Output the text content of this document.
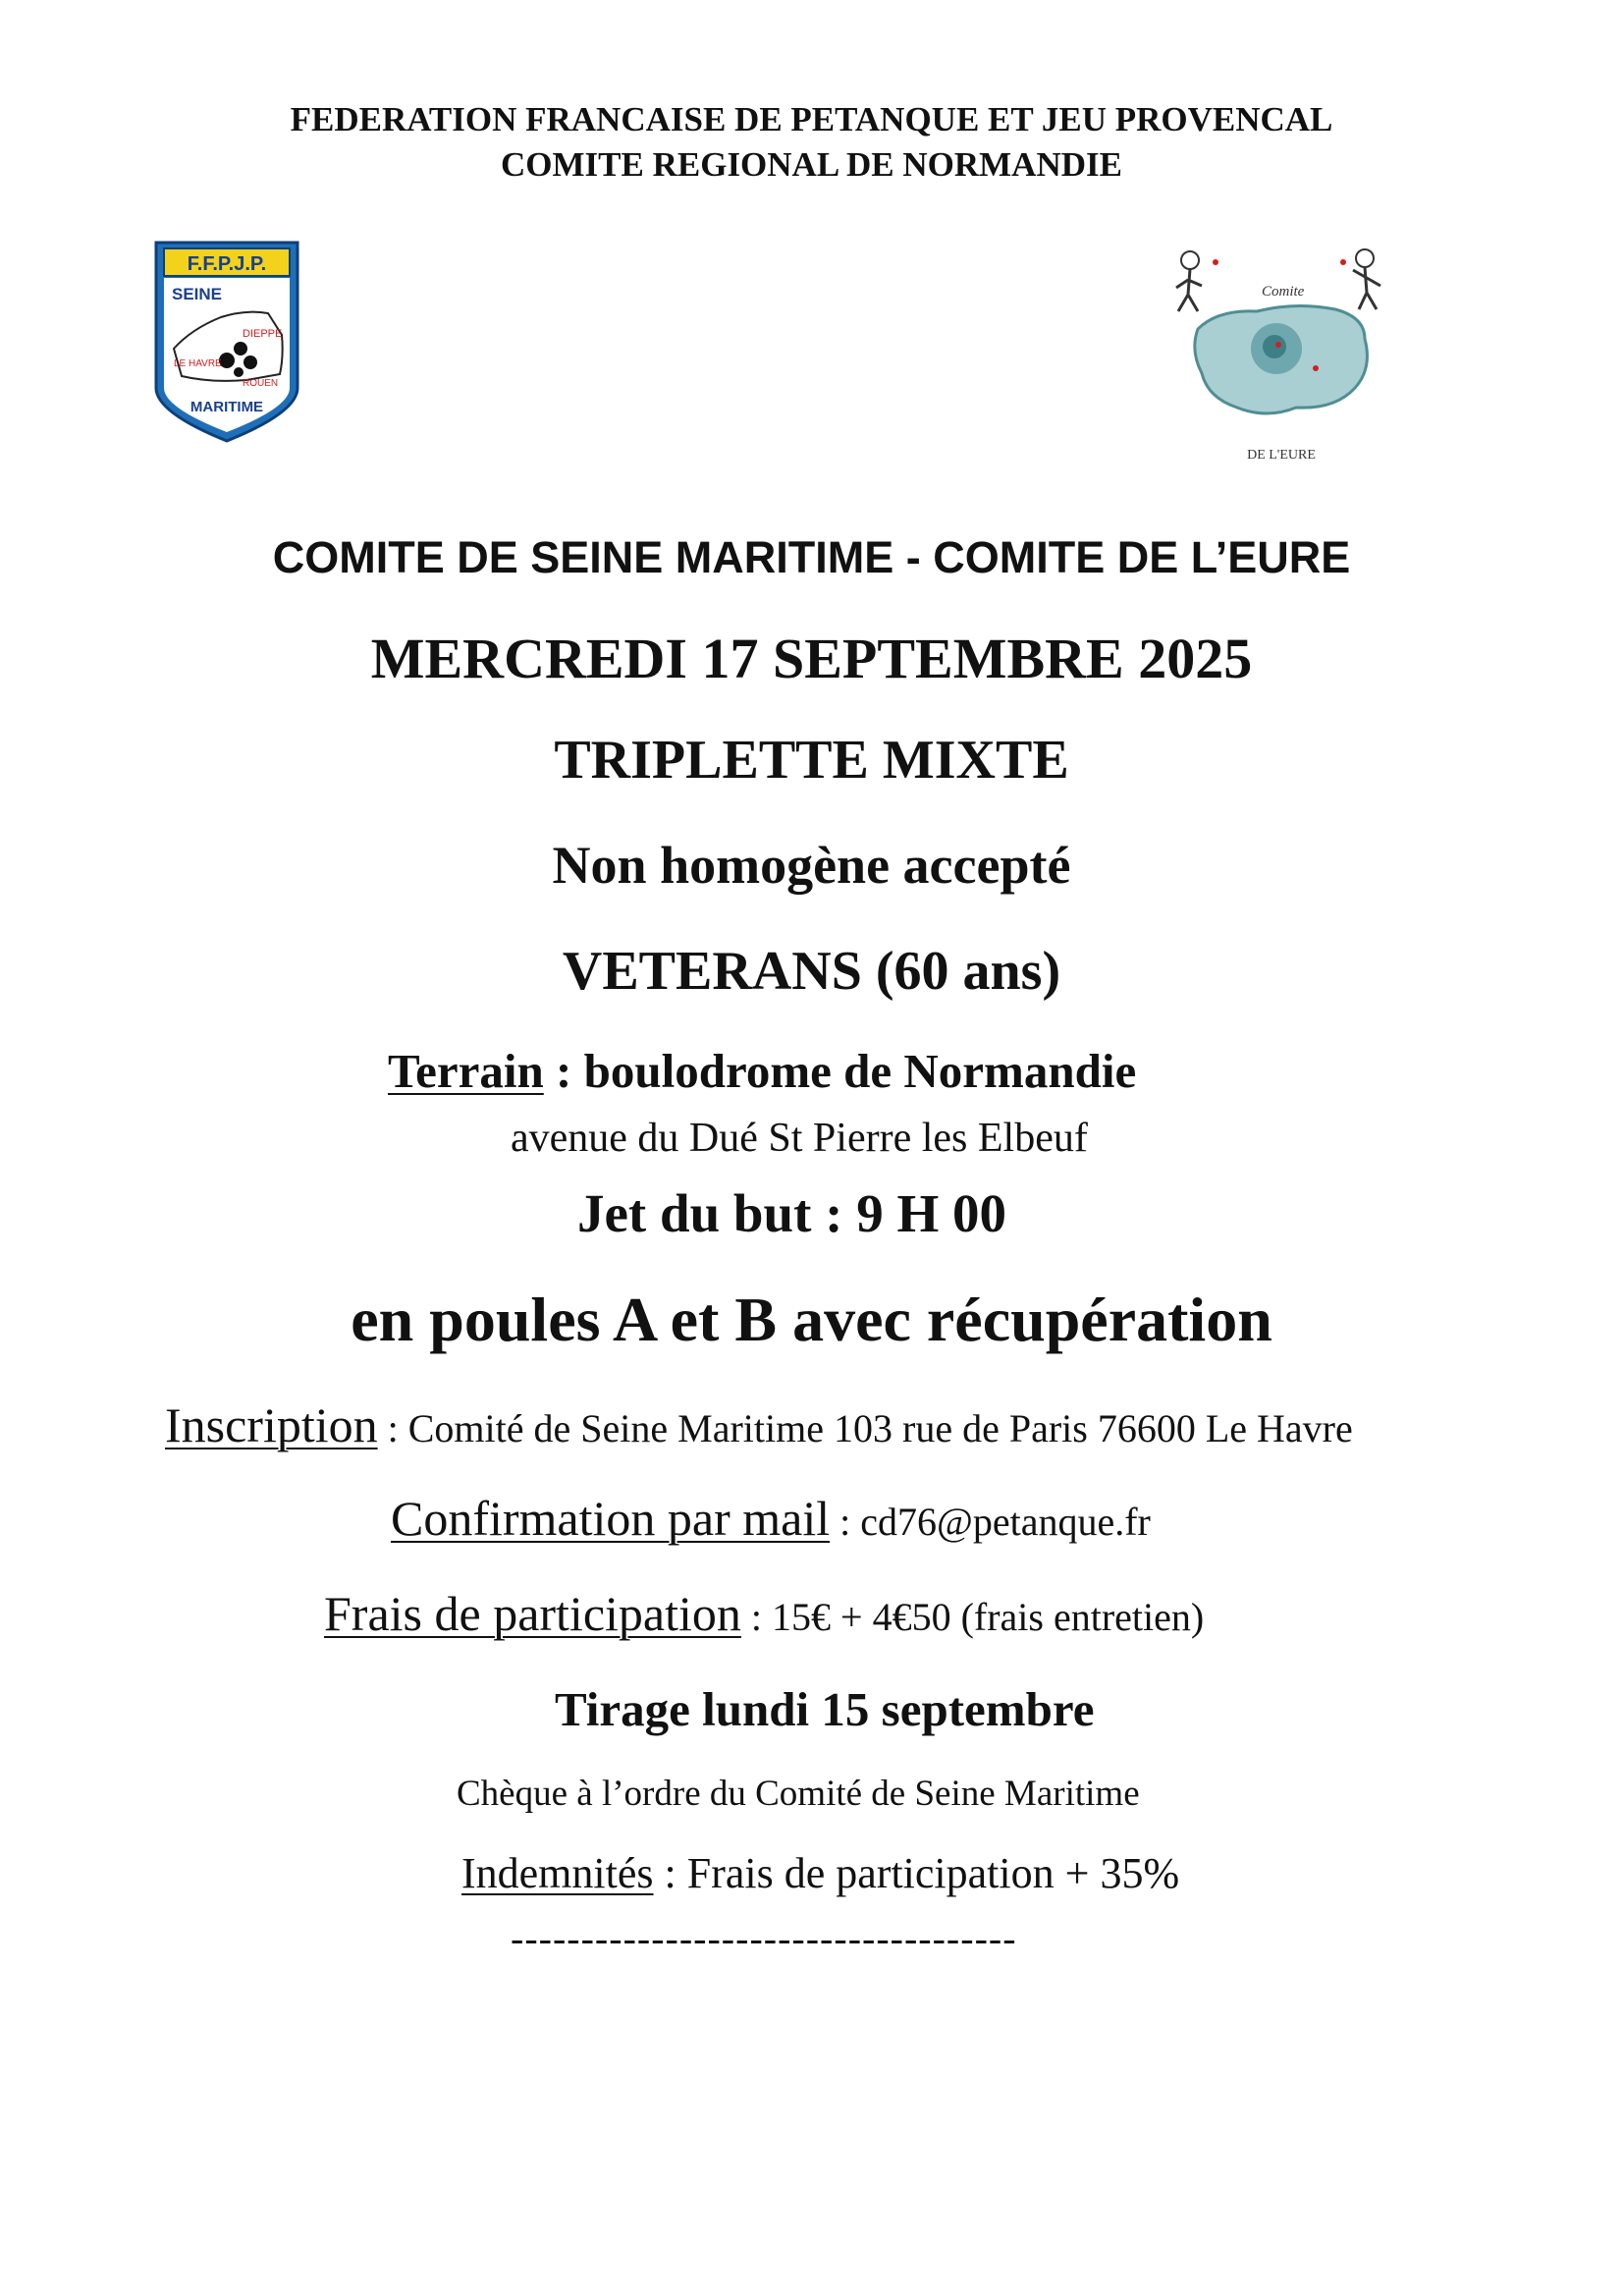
FEDERATION FRANCAISE DE PETANQUE ET JEU PROVENCAL
COMITE REGIONAL DE NORMANDIE
F.F.P.J.P.
SEINE
DIEPPE
LE HAVRE
ROUEN
MARITIME
Comite
DE L'EURE
COMITE DE SEINE MARITIME - COMITE DE L’EURE
MERCREDI 17 SEPTEMBRE 2025
TRIPLETTE MIXTE
Non homogène accepté
VETERANS (60 ans)
Terrain : boulodrome de Normandie
avenue du Dué St Pierre les Elbeuf
Jet du but : 9 H 00
en poules A et B avec récupération
Inscription : Comité de Seine Maritime 103 rue de Paris 76600 Le Havre
Confirmation par mail : cd76@petanque.fr
Frais de participation : 15€ + 4€50 (frais entretien)
Tirage lundi 15 septembre
Chèque à l’ordre du Comité de Seine Maritime
Indemnités : Frais de participation + 35%
------------------------------------
